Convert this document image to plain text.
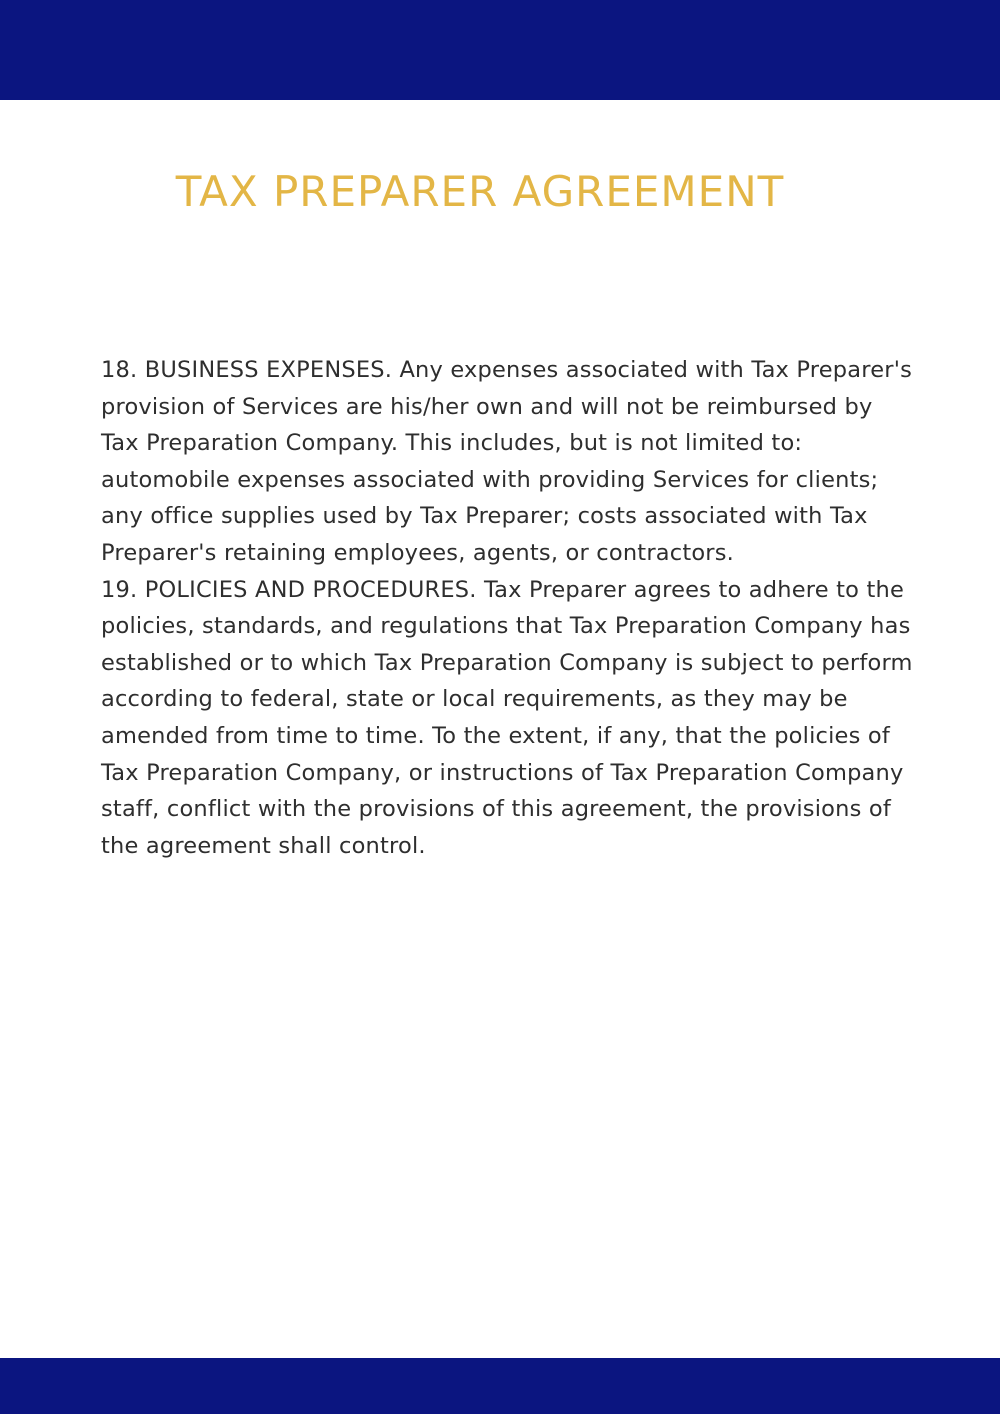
TAX PREPARER AGREEMENT

18. BUSINESS EXPENSES. Any expenses associated with Tax Preparer's provision of Services are his/her own and will not be reimbursed by Tax Preparation Company. This includes, but is not limited to: automobile expenses associated with providing Services for clients; any office supplies used by Tax Preparer; costs associated with Tax Preparer's retaining employees, agents, or contractors.

19. POLICIES AND PROCEDURES. Tax Preparer agrees to adhere to the policies, standards, and regulations that Tax Preparation Company has established or to which Tax Preparation Company is subject to perform according to federal, state or local requirements, as they may be amended from time to time. To the extent, if any, that the policies of Tax Preparation Company, or instructions of Tax Preparation Company staff, conflict with the provisions of this agreement, the provisions of the agreement shall control.
